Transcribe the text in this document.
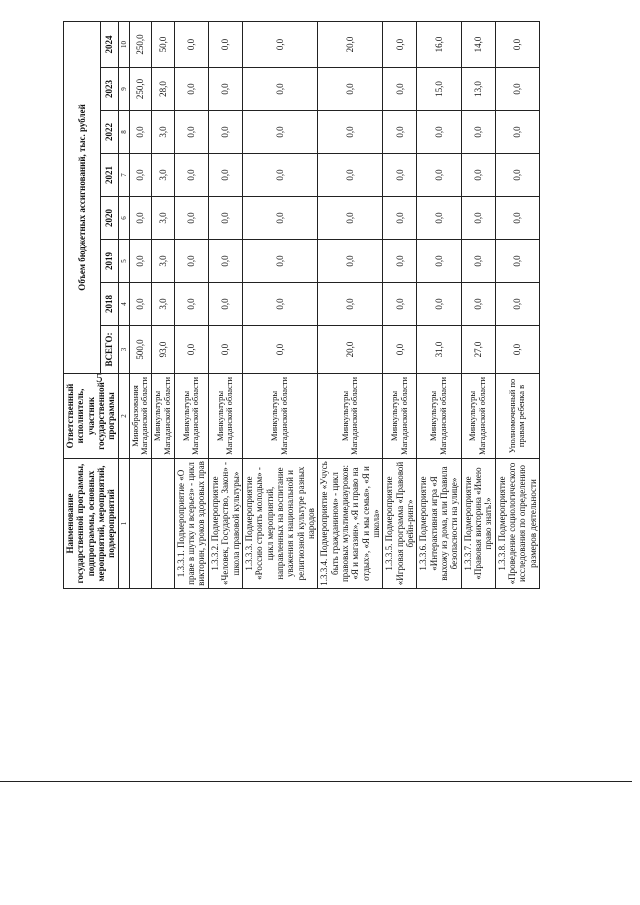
5
Наименование государственной программы, подпрограммы, основных мероприятий, мероприятий, подмероприятий	Ответственный исполнитель, участник государственной программы	Объем бюджетных ассигнований, тыс. рублей							
		ВСЕГО:	2018	2019	2020	2021	2022	2023	2024
1	2	3	4	5	6	7	8	9	10
	Минобразования Магаданской области	500,0	0,0	0,0	0,0	0,0	0,0	250,0	250,0
	Минкультуры Магаданской области	93,0	3,0	3,0	3,0	3,0	3,0	28,0	50,0
1.3.3.1. Подмероприятие «О праве в шутку и всерьез» - цикл викторин, уроков здоровых прав	Минкультуры Магаданской области	0,0	0,0	0,0	0,0	0,0	0,0	0,0	0,0
1.3.3.2. Подмероприятие «Человек, Государство, Закон» - школа правовой культуры»	Минкультуры Магаданской области	0,0	0,0	0,0	0,0	0,0	0,0	0,0	0,0
1.3.3.3. Подмероприятие «Россию строить молодым» - цикл мероприятий, направленных на воспитание уважения к национальной и религиозной культуре разных народов	Минкультуры Магаданской области	0,0	0,0	0,0	0,0	0,0	0,0	0,0	0,0
1.3.3.4. Подмероприятие «Учусь быть гражданином» - цикл правовых мультимедиауроков: «Я и магазин», «Я и право на отдых», «Я и мы семья», «Я и школа»	Минкультуры Магаданской области	20,0	0,0	0,0	0,0	0,0	0,0	0,0	20,0
1.3.3.5. Подмероприятие «Игровая программа «Правовой брейн-ринг»	Минкультуры Магаданской области	0,0	0,0	0,0	0,0	0,0	0,0	0,0	0,0
1.3.3.6. Подмероприятие «Интерактивная игра «Я выхожу из дома, или Правила безопасности на улице»	Минкультуры Магаданской области	31,0	0,0	0,0	0,0	0,0	0,0	15,0	16,0
1.3.3.7. Подмероприятие «Правовая викторина «Имею право знать!»	Минкультуры Магаданской области	27,0	0,0	0,0	0,0	0,0	0,0	13,0	14,0
1.3.3.8. Подмероприятие «Проведение социологического исследования по определению размеров деятельности	Уполномоченный по правам ребенка в	0,0	0,0	0,0	0,0	0,0	0,0	0,0	0,0
